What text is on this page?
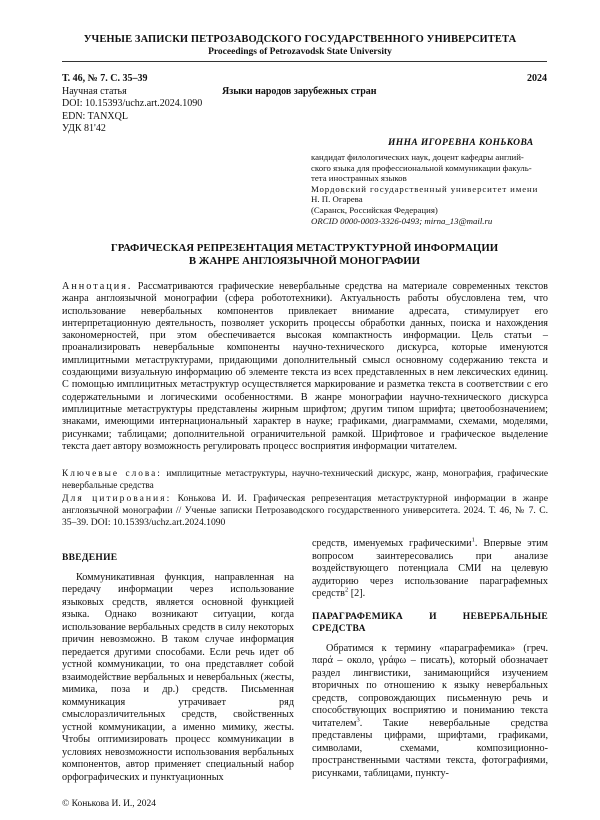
УЧЕНЫЕ ЗАПИСКИ ПЕТРОЗАВОДСКОГО ГОСУДАРСТВЕННОГО УНИВЕРСИТЕТА
Proceedings of Petrozavodsk State University
Т. 46, № 7. С. 35–39	2024
Языки народов зарубежных стран
Научная статья
DOI: 10.15393/uchz.art.2024.1090
EDN: TANXQL
УДК 81'42
ИННА ИГОРЕВНА КОНЬКОВА
кандидат филологических наук, доцент кафедры англий-
ского языка для профессиональной коммуникации факуль-
тета иностранных языков
Мордовский государственный университет имени
Н. П. Огарева
(Саранск, Российская Федерация)
ORCID 0000-0003-3326-0493; mirna_13@mail.ru
ГРАФИЧЕСКАЯ РЕПРЕЗЕНТАЦИЯ МЕТАСТРУКТУРНОЙ ИНФОРМАЦИИ
В ЖАНРЕ АНГЛОЯЗЫЧНОЙ МОНОГРАФИИ
Аннотация. Рассматриваются графические невербальные средства на материале современных текстов жанра англоязычной монографии (сфера робототехники). Актуальность работы обусловлена тем, что использование невербальных компонентов привлекает внимание адресата, стимулирует его интерпретационную деятельность, позволяет ускорить процессы обработки данных, поиска и нахождения закономерностей, при этом обеспечивается высокая компактность информации. Цель статьи – проанализировать невербальные компоненты научно-технического дискурса, которые именуются имплицитными метаструктурами, придающими дополнительный смысл основному содержанию текста и создающими визуальную информацию об элементе текста из всех представленных в нем лексических единиц. С помощью имплицитных метаструктур осуществляется маркирование и разметка текста в соответствии с его содержательными и логическими особенностями. В жанре монографии научно-технического дискурса имплицитные метаструктуры представлены жирным шрифтом; другим типом шрифта; цветообозначением; знаками, имеющими интернациональный характер в науке; графиками, диаграммами, схемами, моделями, рисунками; таблицами; дополнительной ограничительной рамкой. Шрифтовое и графическое выделение текста дает автору возможность регулировать процесс восприятия информации читателем.
Ключевые слова: имплицитные метаструктуры, научно-технический дискурс, жанр, монография, графические невербальные средства
Для цитирования: Конькова И. И. Графическая репрезентация метаструктурной информации в жанре англоязычной монографии // Ученые записки Петрозаводского государственного университета. 2024. Т. 46, № 7. С. 35–39. DOI: 10.15393/uchz.art.2024.1090
ВВЕДЕНИЕ
Коммуникативная функция, направленная на передачу информации через использование языковых средств, является основной функцией языка. Однако возникают ситуации, когда использование вербальных средств в силу некоторых причин невозможно. В таком случае информация передается другими способами. Если речь идет об устной коммуникации, то она представляет собой взаимодействие вербальных и невербальных (жесты, мимика, поза и др.) средств. Письменная коммуникация утрачивает ряд смыслоразличительных средств, свойственных устной коммуникации, а именно мимику, жесты. Чтобы оптимизировать процесс коммуникации в условиях невозможности использования вербальных компонентов, автор применяет специальный набор орфографических и пунктуационных
средств, именуемых графическими$^1$. Впервые этим вопросом заинтересовались при анализе воздействующего потенциала СМИ на целевую аудиторию через использование параграфемных средств$^2$ [2].
ПАРАГРАФЕМИКА И НЕВЕРБАЛЬНЫЕ СРЕДСТВА
Обратимся к термину «параграфемика» (греч. παρά – около, γράφω – писать), который обозначает раздел лингвистики, занимающийся изучением вторичных по отношению к языку невербальных средств, сопровождающих письменную речь и способствующих восприятию и пониманию текста читателем$^3$. Такие невербальные средства представлены цифрами, шрифтами, графиками, символами, схемами, композиционно-пространственными частями текста, фотографиями, рисунками, таблицами, пункту-
© Конькова И. И., 2024
